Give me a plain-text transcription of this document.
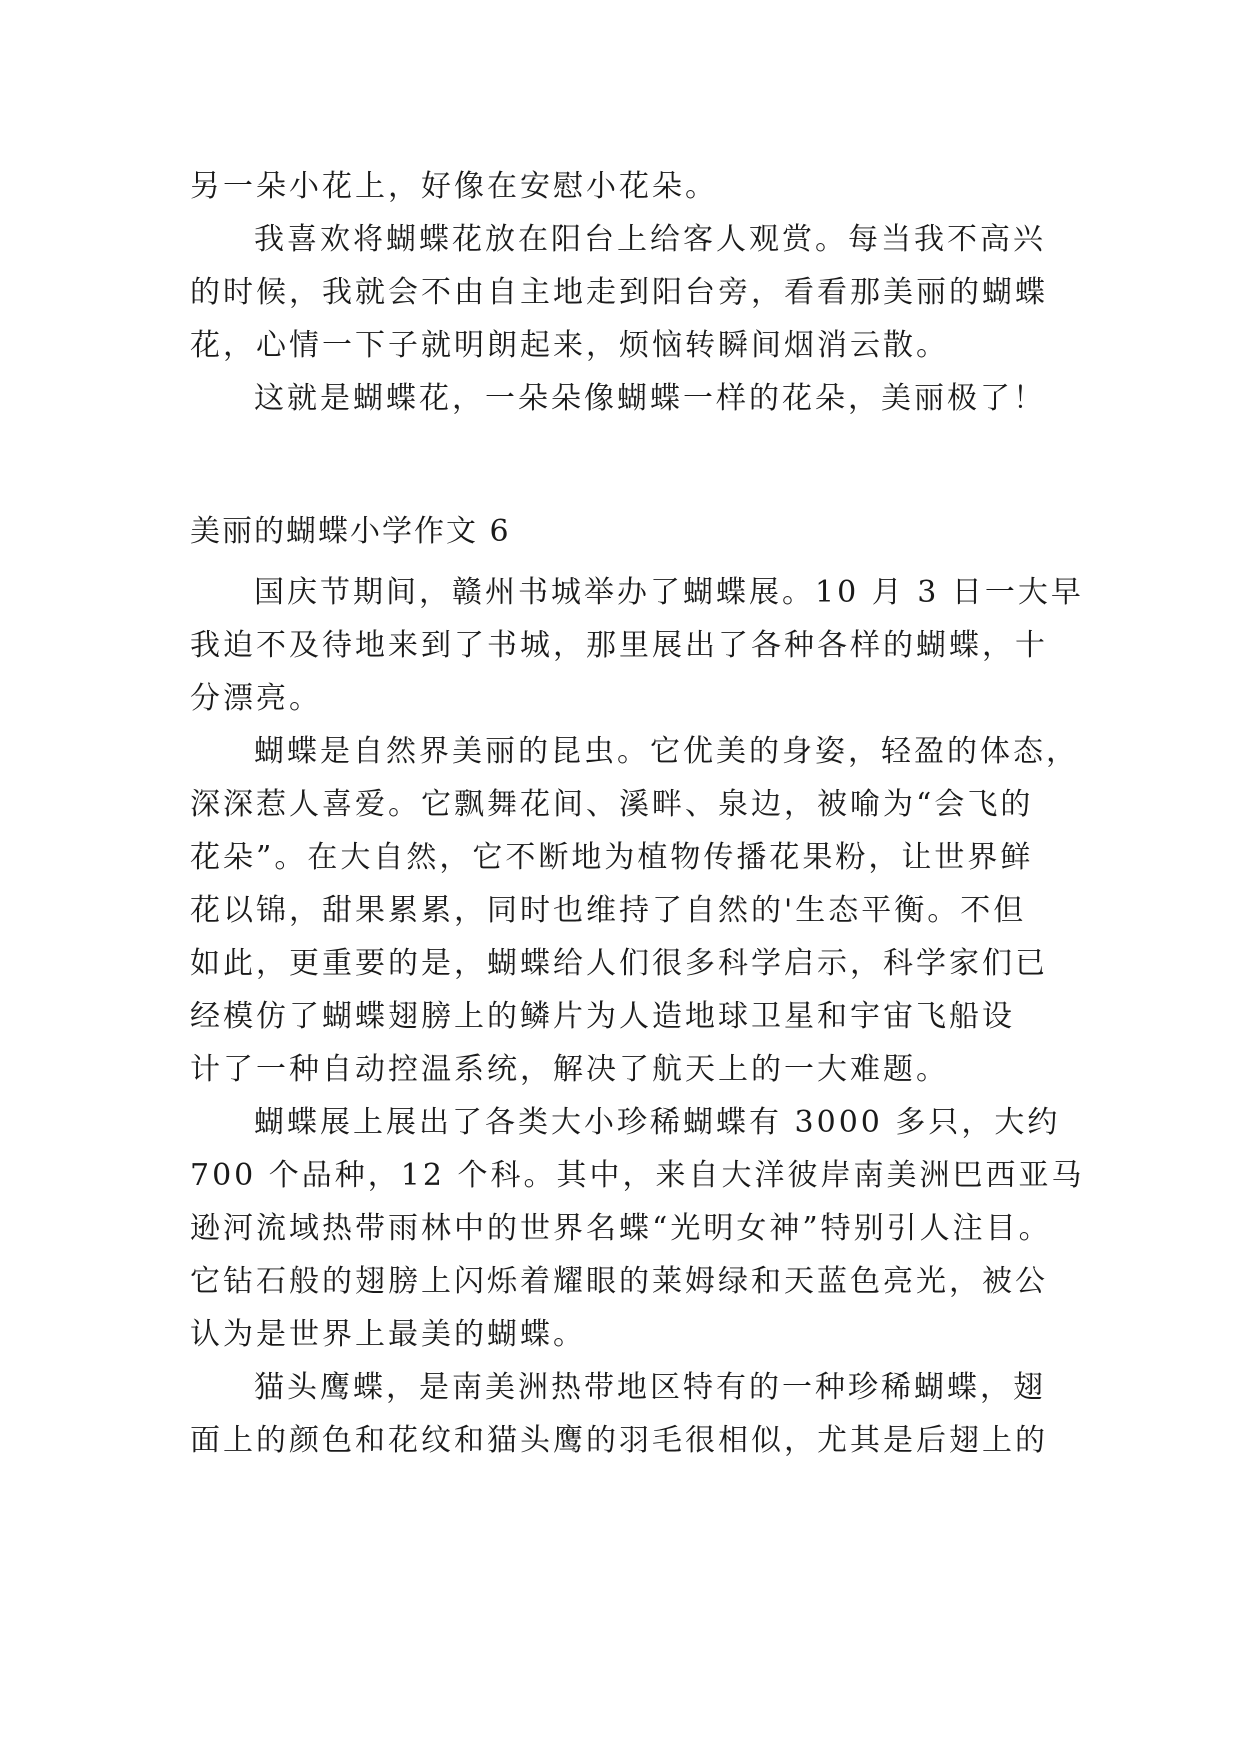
另一朵小花上，好像在安慰小花朵。
我喜欢将蝴蝶花放在阳台上给客人观赏。每当我不高兴
的时候，我就会不由自主地走到阳台旁，看看那美丽的蝴蝶
花，心情一下子就明朗起来，烦恼转瞬间烟消云散。
这就是蝴蝶花，一朵朵像蝴蝶一样的花朵，美丽极了！
美丽的蝴蝶小学作文 6
国庆节期间，赣州书城举办了蝴蝶展。10 月 3 日一大早
我迫不及待地来到了书城，那里展出了各种各样的蝴蝶，十
分漂亮。
蝴蝶是自然界美丽的昆虫。它优美的身姿，轻盈的体态，
深深惹人喜爱。它飘舞花间、溪畔、泉边，被喻为“会飞的
花朵”。在大自然，它不断地为植物传播花果粉，让世界鲜
花以锦，甜果累累，同时也维持了自然的'生态平衡。不但
如此，更重要的是，蝴蝶给人们很多科学启示，科学家们已
经模仿了蝴蝶翅膀上的鳞片为人造地球卫星和宇宙飞船设
计了一种自动控温系统，解决了航天上的一大难题。
蝴蝶展上展出了各类大小珍稀蝴蝶有 3000 多只，大约
700 个品种，12 个科。其中，来自大洋彼岸南美洲巴西亚马
逊河流域热带雨林中的世界名蝶“光明女神”特别引人注目。
它钻石般的翅膀上闪烁着耀眼的莱姆绿和天蓝色亮光，被公
认为是世界上最美的蝴蝶。
猫头鹰蝶，是南美洲热带地区特有的一种珍稀蝴蝶，翅
面上的颜色和花纹和猫头鹰的羽毛很相似，尤其是后翅上的
